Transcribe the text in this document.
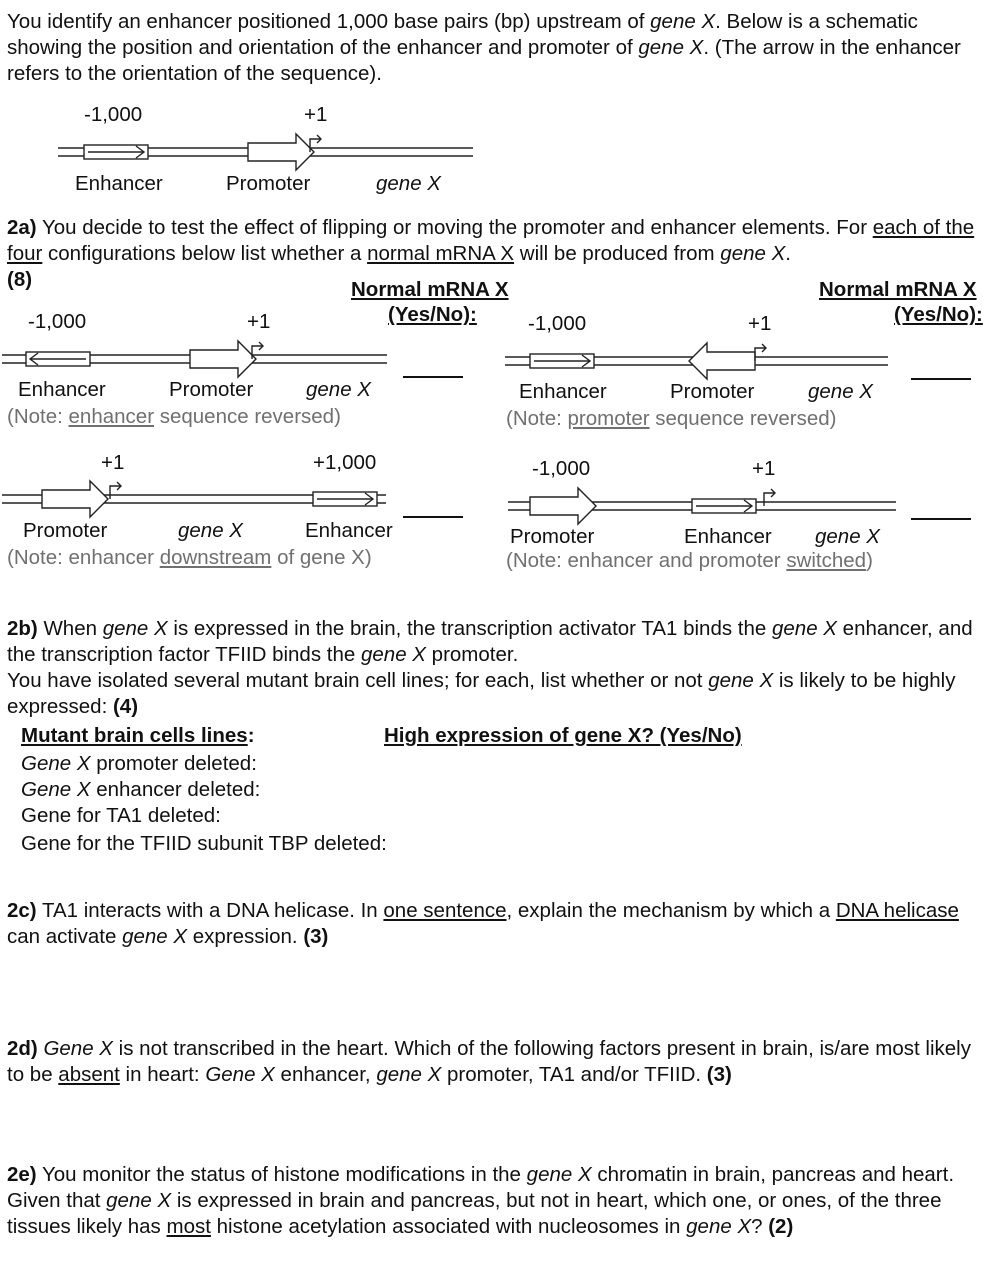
You identify an enhancer positioned 1,000 base pairs (bp) upstream of gene X. Below is a schematic showing the position and orientation of the enhancer and promoter of gene X. (The arrow in the enhancer refers to the orientation of the sequence).
-1,000	+1
Enhancer	Promoter	gene X
2a) You decide to test the effect of flipping or moving the promoter and enhancer elements. For each of the four configurations below list whether a normal mRNA X will be produced from gene X.
(8)	Normal mRNA X
(Yes/No):
Normal mRNA X
(Yes/No):
-1,000	+1
Enhancer	Promoter	gene X
(Note: enhancer sequence reversed)
-1,000	+1
Enhancer	Promoter	gene X
(Note: promoter sequence reversed)
+1	+1,000
Promoter	gene X	Enhancer
(Note: enhancer downstream of gene X)
-1,000	+1
Promoter	Enhancer gene X
(Note: enhancer and promoter switched)
2b) When gene X is expressed in the brain, the transcription activator TA1 binds the gene X enhancer, and the transcription factor TFIID binds the gene X promoter.
You have isolated several mutant brain cell lines; for each, list whether or not gene X is likely to be highly expressed: (4)
Mutant brain cells lines:	High expression of gene X? (Yes/No)
Gene X promoter deleted:
Gene X enhancer deleted:
Gene for TA1 deleted:
Gene for the TFIID subunit TBP deleted:
2c) TA1 interacts with a DNA helicase. In one sentence, explain the mechanism by which a DNA helicase can activate gene X expression. (3)
2d) Gene X is not transcribed in the heart. Which of the following factors present in brain, is/are most likely to be absent in heart: Gene X enhancer, gene X promoter, TA1 and/or TFIID. (3)
2e) You monitor the status of histone modifications in the gene X chromatin in brain, pancreas and heart. Given that gene X is expressed in brain and pancreas, but not in heart, which one, or ones, of the three tissues likely has most histone acetylation associated with nucleosomes in gene X? (2)
